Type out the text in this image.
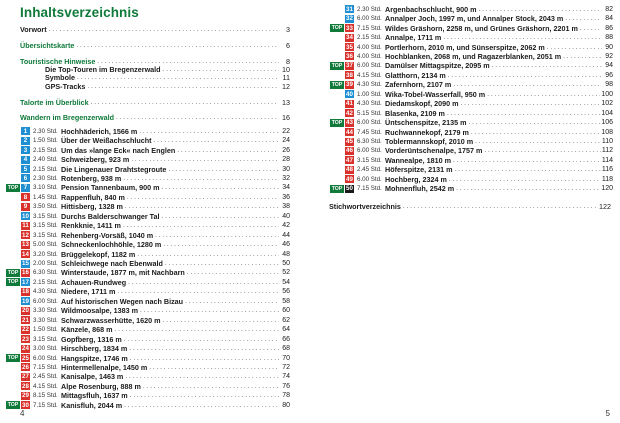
Inhaltsverzeichnis
Vorwort . . .	3
Übersichtskarte . . .	6
Touristische Hinweise . . .	8
Die Top-Touren im Bregenzerwald . . .	10
Symbole . . .	11
GPS-Tracks . . .	12
Talorte im Überblick . . .	13
Wandern im Bregenzerwald . . .	16
1 2.30 Std. Hochhäderich, 1566 m . . .	22
2 1.50 Std. Über der Weißachschlucht . . .	24
3 2.15 Std. Um das »lange Eck« nach Englen . . .	26
4 2.40 Std. Schweizberg, 923 m . . .	28
5 2.15 Std. Die Lingenauer Drahtstegroute . . .	30
6 2.30 Std. Rotenberg, 938 m . . .	32
TOP 7 3.10 Std. Pension Tannenbaum, 900 m . . .	34
8 1.45 Std. Rappenfluh, 840 m . . .	36
9 3.50 Std. Hittisberg, 1328 m . . .	38
10 3.15 Std. Durchs Balderschwanger Tal . . .	40
11 3.15 Std. Renkknie, 1411 m . . .	42
12 3.15 Std. Rehenberg-Vorsäß, 1040 m . . .	44
13 5.00 Std. Schneckenlochhöhle, 1280 m . . .	46
14 3.20 Std. Brüggelekopf, 1182 m . . .	48
15 2.00 Std. Schleichwege nach Ebenwald . . .	50
TOP 16 6.30 Std. Winterstaude, 1877 m, mit Nachbarn . . .	52
TOP 17 2.15 Std. Achauen-Rundweg . . .	54
18 4.30 Std. Niedere, 1711 m . . .	56
19 6.00 Std. Auf historischen Wegen nach Bizau . . .	58
20 3.30 Std. Wildmoosalpe, 1383 m . . .	60
21 3.30 Std. Schwarzwasserhütte, 1620 m . . .	62
22 1.50 Std. Känzele, 868 m . . .	64
23 3.15 Std. Gopfberg, 1316 m . . .	66
24 3.00 Std. Hirschberg, 1834 m . . .	68
TOP 25 6.00 Std. Hangspitze, 1746 m . . .	70
26 7.15 Std. Hintermellenalpe, 1450 m . . .	72
27 2.45 Std. Kanisalpe, 1463 m . . .	74
28 4.15 Std. Alpe Rosenburg, 888 m . . .	76
29 8.15 Std. Mittagsfluh, 1637 m . . .	78
TOP 30 7.15 Std. Kanisfluh, 2044 m . . .	80
4
31 2.30 Std. Argenbachschlucht, 900 m . . .	82
32 6.00 Std. Annalper Joch, 1997 m, und Annalper Stock, 2043 m . . .	84
TOP 33 7.15 Std. Wildes Gräshorn, 2258 m, und Grünes Gräshorn, 2201 m . . .	86
34 2.15 Std. Annalpe, 1711 m . . .	88
35 4.00 Std. Portlerhorn, 2010 m, und Sünserspitze, 2062 m . . .	90
36 4.00 Std. Hochblanken, 2068 m, und Ragazerblanken, 2051 m . . .	92
TOP 37 6.00 Std. Damülser Mittagspitze, 2095 m . . .	94
38 4.15 Std. Glatthorn, 2134 m . . .	96
TOP 39 4.30 Std. Zafernhorn, 2107 m . . .	98
40 1.00 Std. Wika-Tobel-Wasserfall, 950 m . . .	100
41 4.30 Std. Diedamskopf, 2090 m . . .	102
42 5.15 Std. Blasenka, 2109 m . . .	104
TOP 43 6.00 Std. Üntschenspitze, 2135 m . . .	106
44 7.45 Std. Ruchwannekopf, 2179 m . . .	108
45 6.30 Std. Toblermannskopf, 2010 m . . .	110
46 6.00 Std. Vorderüntschenalpe, 1757 m . . .	112
47 3.15 Std. Wannealpe, 1810 m . . .	114
48 2.45 Std. Höferspitze, 2131 m . . .	116
49 6.00 Std. Hochberg, 2324 m . . .	118
TOP 50 7.15 Std. Mohnenfluh, 2542 m . . .	120
Stichwortverzeichnis . . .	122
5
